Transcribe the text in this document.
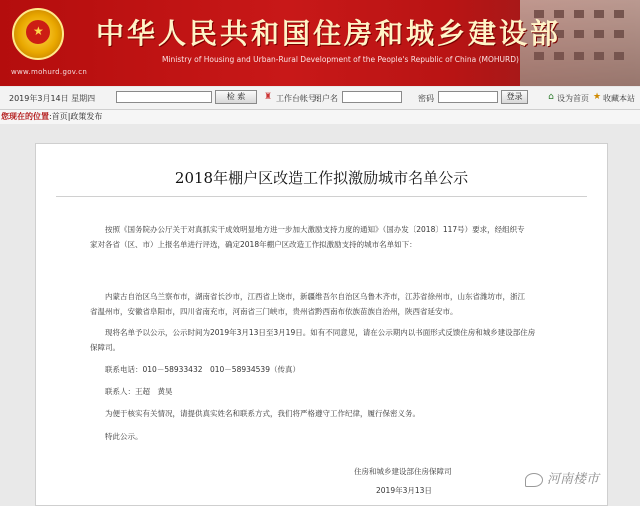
★
www.mohurd.gov.cn
中华人民共和国住房和城乡建设部
Ministry of Housing and Urban-Rural Development of the People's Republic of China (MOHURD)
2019年3月14日 星期四	检 索	♜ 工作台帐号:
用户名	密码	登录	⌂ 设为首页 ★ 收藏本站
您现在的位置:首页|政策发布
2018年棚户区改造工作拟激励城市名单公示
按照《国务院办公厅关于对真抓实干成效明显地方进一步加大激励支持力度的通知》（国办发〔2018〕117号）要求，经组织专
家对各省（区、市）上报名单进行评选，确定2018年棚户区改造工作拟激励支持的城市名单如下：
内蒙古自治区乌兰察布市，湖南省长沙市，江西省上饶市，新疆维吾尔自治区乌鲁木齐市，江苏省徐州市，山东省潍坊市，浙江
省温州市，安徽省阜阳市，四川省南充市，河南省三门峡市，贵州省黔西南布依族苗族自治州，陕西省延安市。
现将名单予以公示，公示时间为2019年3月13日至3月19日。如有不同意见，请在公示期内以书面形式反馈住房和城乡建设部住房
保障司。
联系电话：010－58933432　010－58934539（传真）
联系人：王超　黄昊
为便于核实有关情况，请提供真实姓名和联系方式，我们将严格遵守工作纪律，履行保密义务。
特此公示。
住房和城乡建设部住房保障司
2019年3月13日
河南楼市
